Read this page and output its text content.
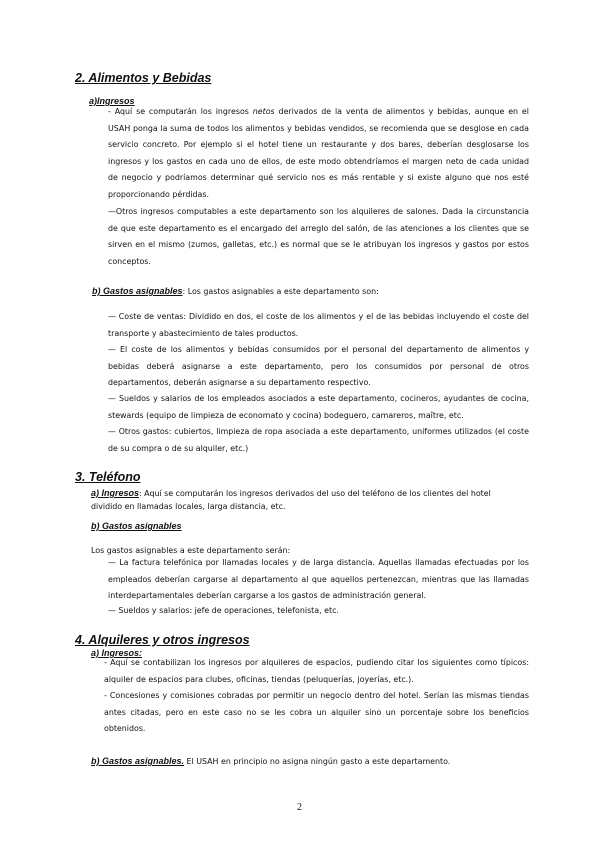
2. Alimentos y Bebidas
a)Ingresos
- Aquí se computarán los ingresos netos derivados de la venta de alimentos y bebidas, aunque en el USAH ponga la suma de todos los alimentos y bebidas vendidos, se recomienda que se desglose en cada servicio concreto. Por ejemplo si el hotel tiene un restaurante y dos bares, deberían desglosarse los ingresos y los gastos en cada uno de ellos, de este modo obtendríamos el margen neto de cada unidad de negocio y podríamos determinar qué servicio nos es más rentable y si existe alguno que nos esté proporcionando pérdidas.
—Otros ingresos computables a este departamento son los alquileres de salones. Dada la circunstancia de que este departamento es el encargado del arreglo del salón, de las atenciones a los clientes que se sirven en el mismo (zumos, galletas, etc.) es normal que se le atribuyan los ingresos y gastos por estos conceptos.
b) Gastos asignables: Los gastos asignables a este departamento son:
— Coste de ventas: Dividido en dos, el coste de los alimentos y el de las bebidas incluyendo el coste del transporte y abastecimiento de tales productos.
— El coste de los alimentos y bebidas consumidos por el personal del departamento de alimentos y bebidas deberá asignarse a este departamento, pero los consumidos por personal de otros departamentos, deberán asignarse a su departamento respectivo.
— Sueldos y salarios de los empleados asociados a este departamento, cocineros, ayudantes de cocina, stewards (equipo de limpieza de economato y cocina) bodeguero, camareros, maître, etc.
— Otros gastos: cubiertos, limpieza de ropa asociada a este departamento, uniformes utilizados (el coste de su compra o de su alquiler, etc.)
3. Teléfono
a) Ingresos: Aquí se computarán los ingresos derivados del uso del teléfono de los clientes del hotel dividido en llamadas locales, larga distancia, etc.
b) Gastos asignables
Los gastos asignables a este departamento serán:
— La factura telefónica por llamadas locales y de larga distancia. Aquellas llamadas efectuadas por los empleados deberían cargarse al departamento al que aquellos pertenezcan, mientras que las llamadas interdepartamentales deberían cargarse a los gastos de administración general.
— Sueldos y salarios: jefe de operaciones, telefonista, etc.
4. Alquileres y otros ingresos
a) Ingresos:
- Aquí se contabilizan los ingresos por alquileres de espacios, pudiendo citar los siguientes como típicos: alquiler de espacios para clubes, oficinas, tiendas (peluquerías, joyerías, etc.).
- Concesiones y comisiones cobradas por permitir un negocio dentro del hotel. Serían las mismas tiendas antes citadas, pero en este caso no se les cobra un alquiler sino un porcentaje sobre los beneficios obtenidos.
b) Gastos asignables. El USAH en principio no asigna ningún gasto a este departamento.
2
